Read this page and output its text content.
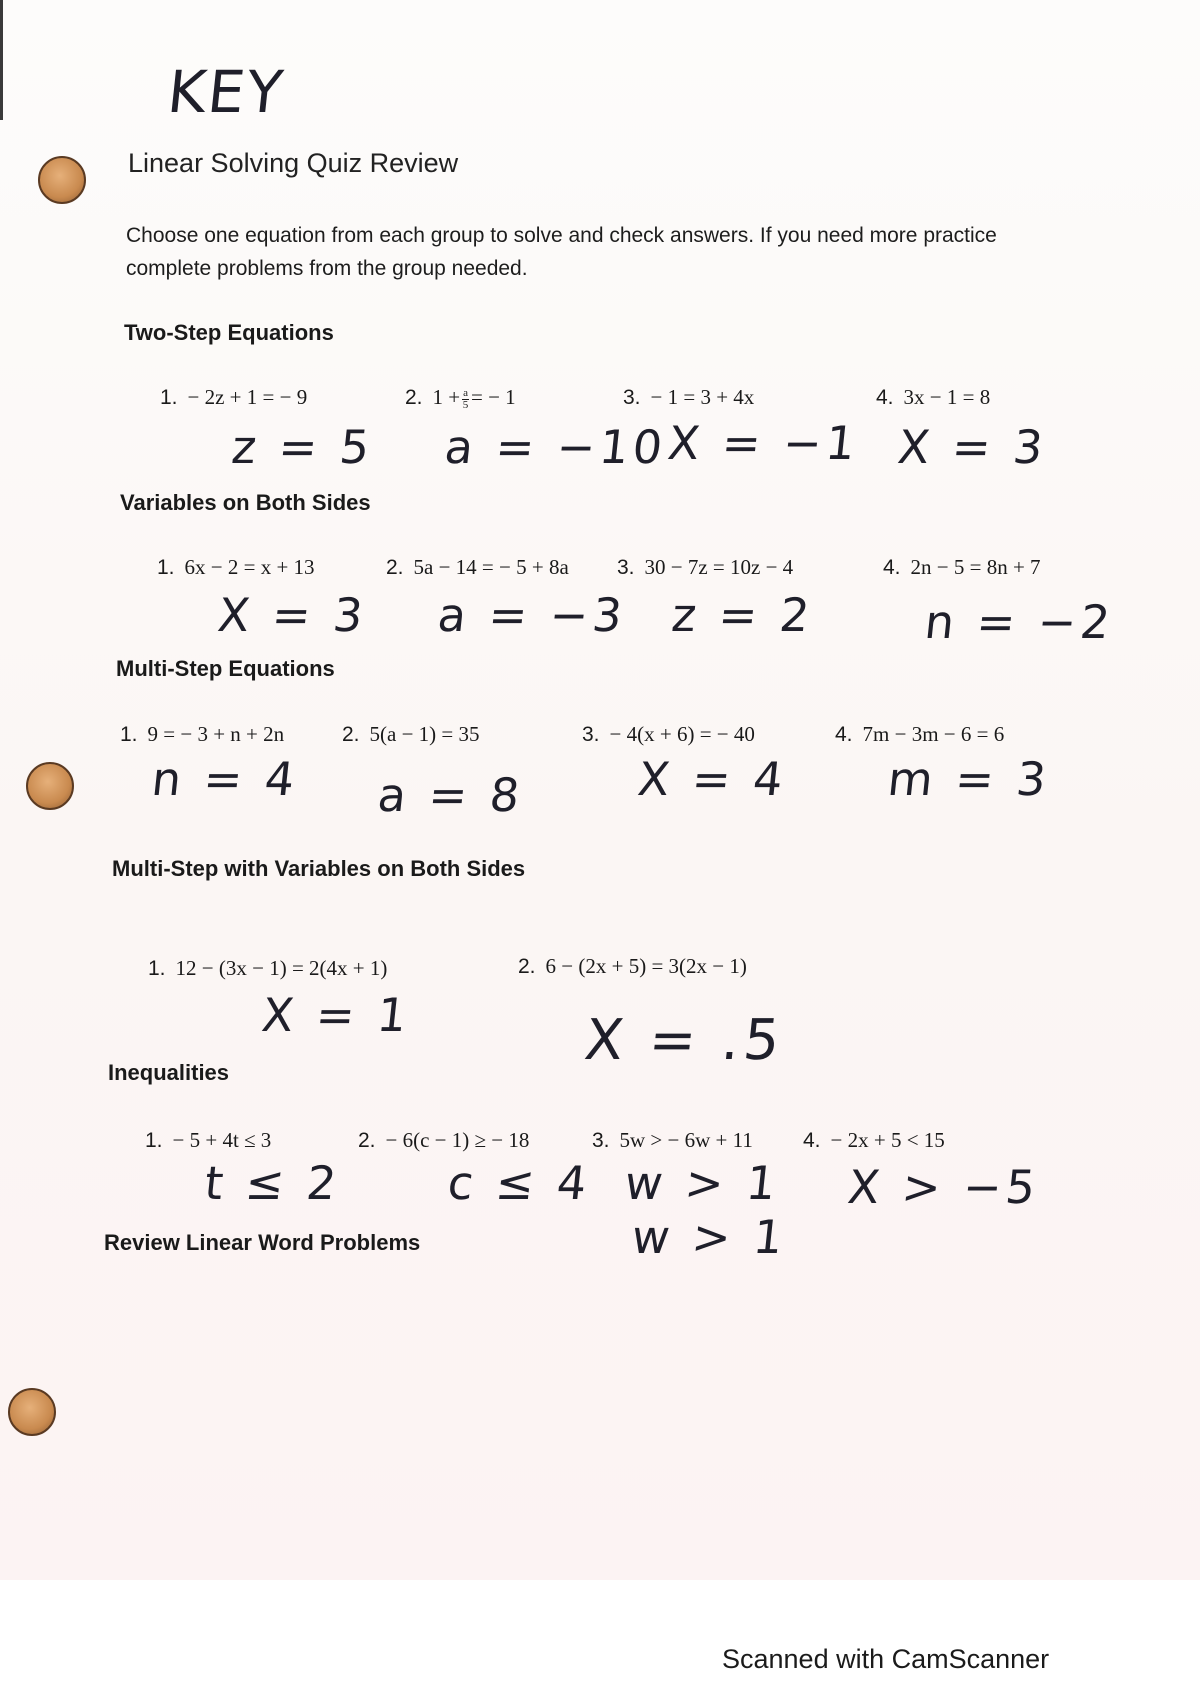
KEY
Linear Solving Quiz Review
Choose one equation from each group to solve and check answers. If you need more practice complete problems from the group needed.
Two-Step Equations
1. − 2z + 1 = − 9	2. $1 + \frac{a}{5}$ = − 1	3. − 1 = 3 + 4x	4. 3x − 1 = 8
z = 5 a = −10
X = −1 X = 3
Variables on Both Sides
1. 6x − 2 = x + 13	2. 5a − 14 = − 5 + 8a 3. 30 − 7z = 10z − 4	4. 2n − 5 = 8n + 7
X = 3 a = −3 z = 2 n = −2
Multi-Step Equations
1. 9 = − 3 + n + 2n	2. 5(a − 1) = 35	3. − 4(x + 6) = − 40	4. 7m − 3m − 6 = 6
n = 4 a = 8 X = 4 m = 3
Multi-Step with Variables on Both Sides
1. 12 − (3x − 1) = 2(4x + 1)	2. 6 − (2x + 5) = 3(2x − 1)
X = 1	X = .5
Inequalities
1. − 5 + 4t ≤ 3	2. − 6(c − 1) ≥ − 18	3. 5w > − 6w + 11 4. − 2x + 5 < 15
t ≤ 2 c ≤ 4 w > 1
w > 1
X > −5
Review Linear Word Problems
Scanned with CamScanner
